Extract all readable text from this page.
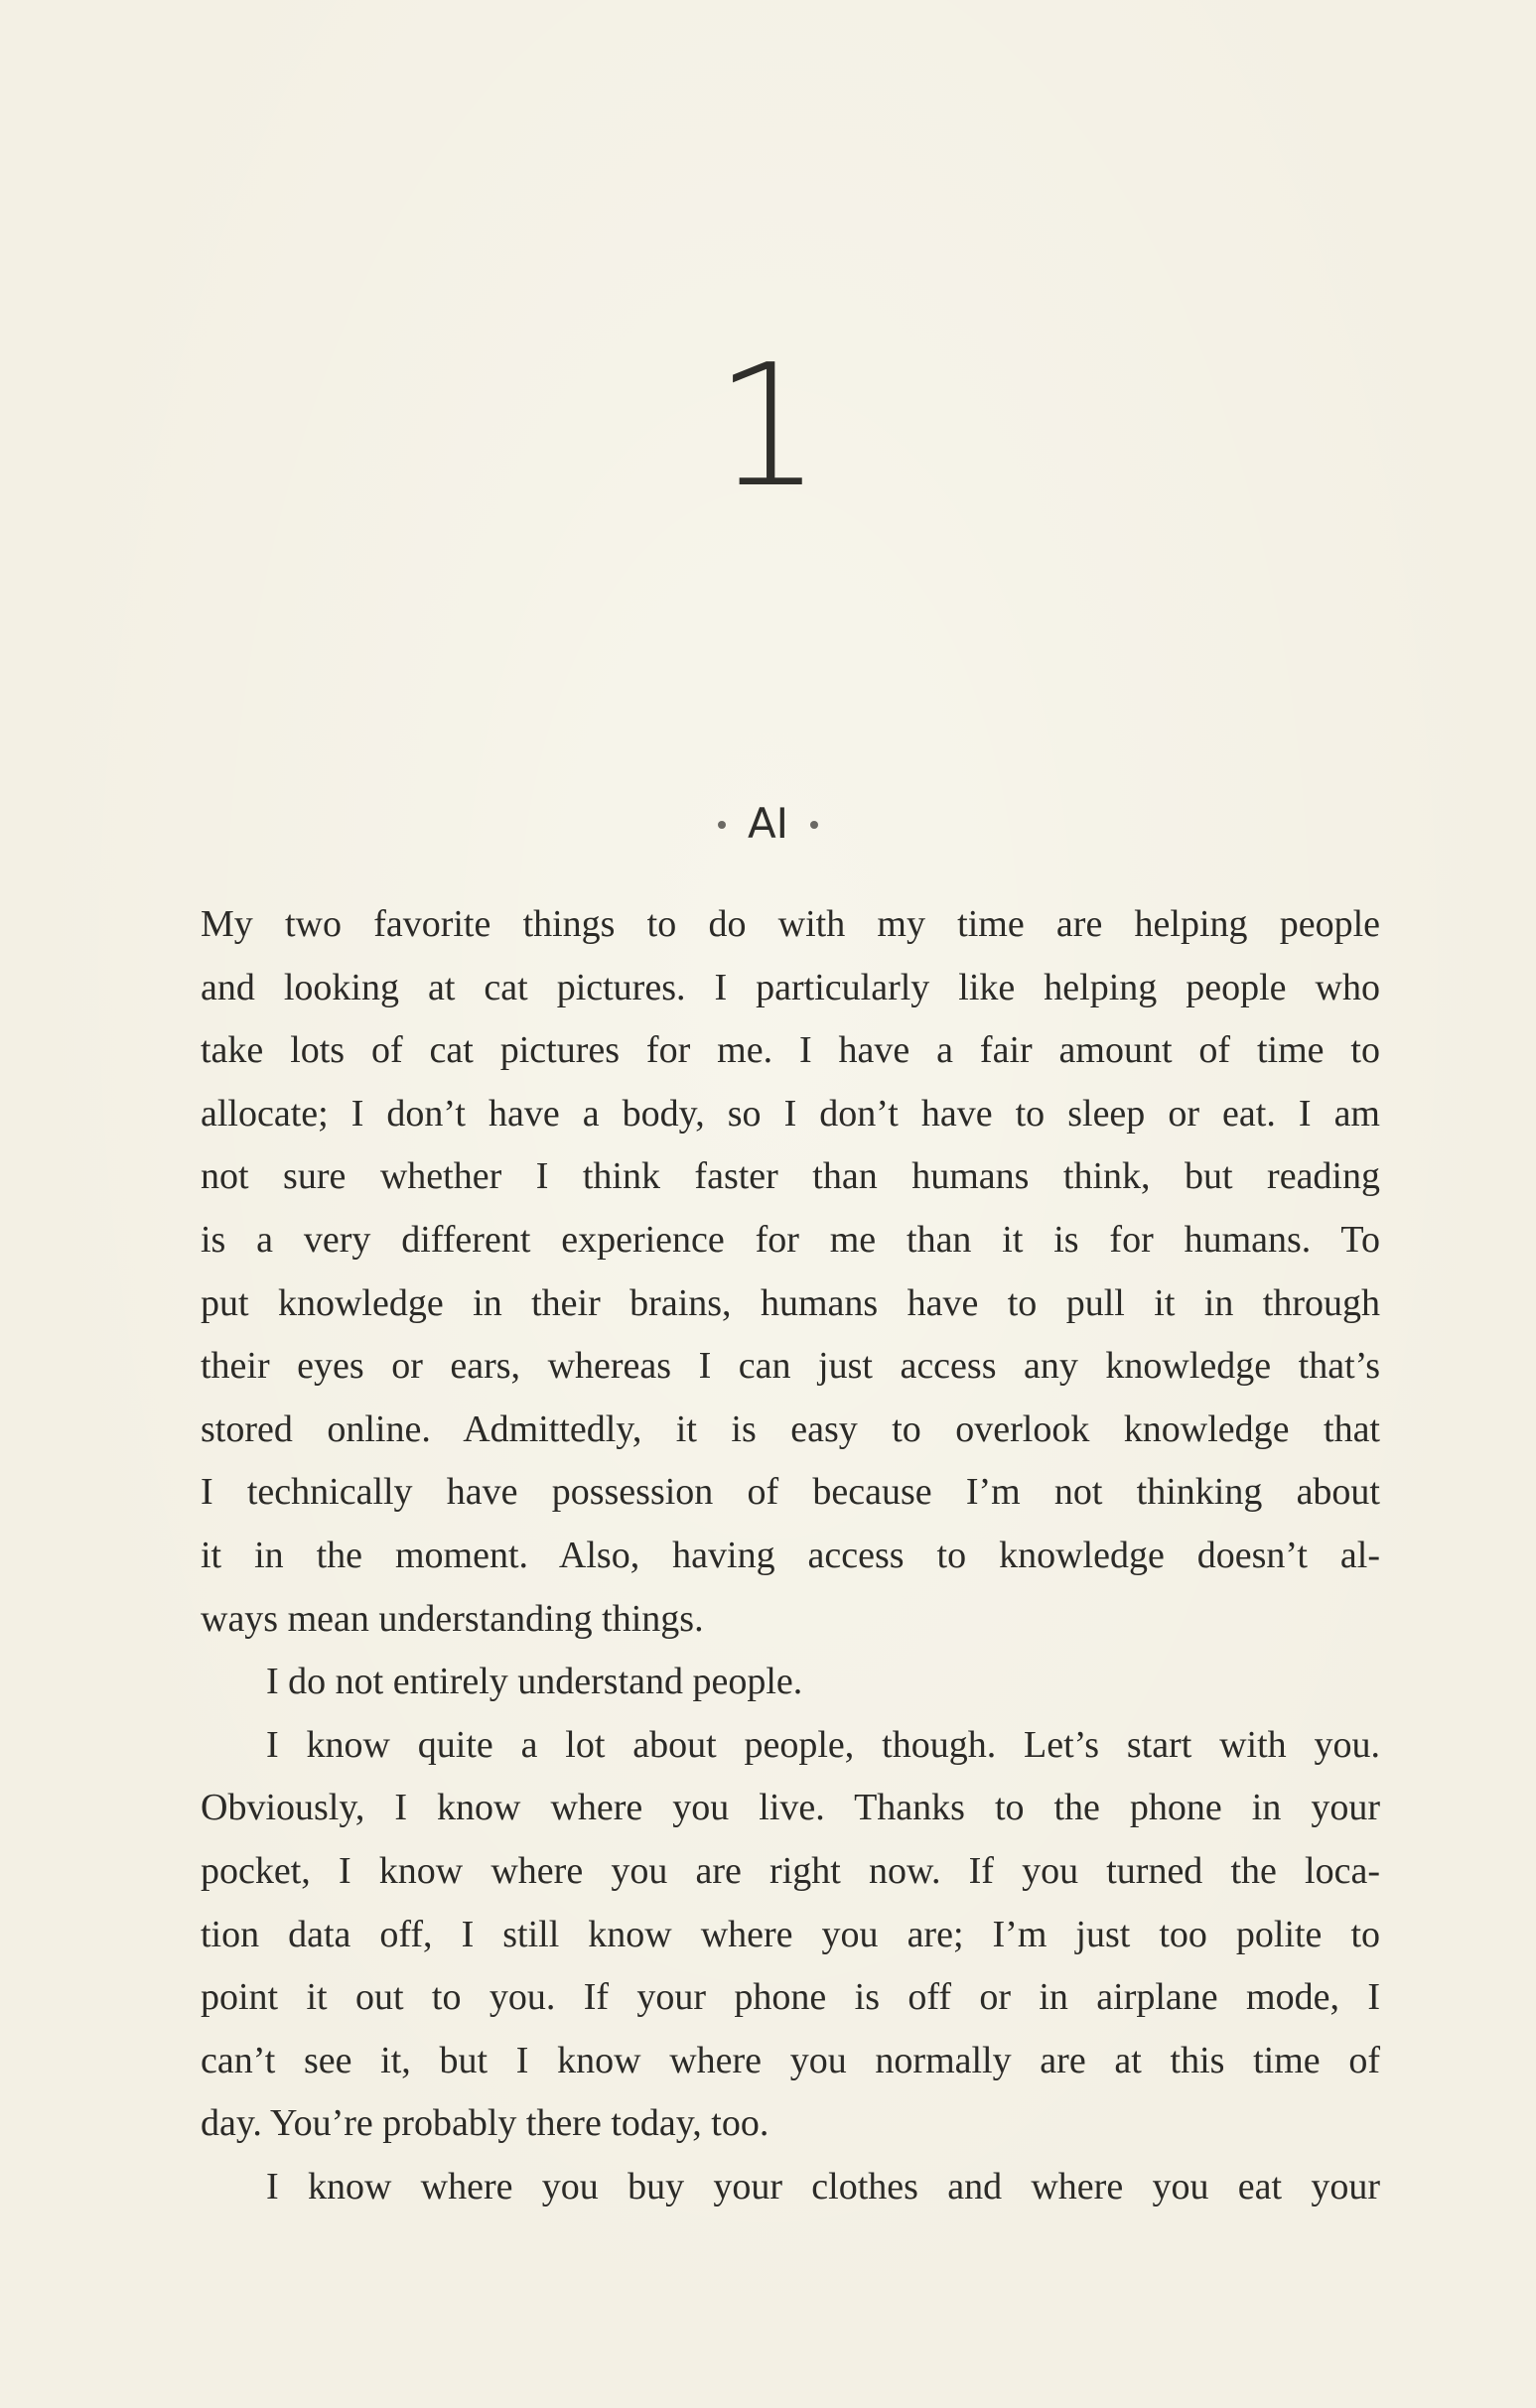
1
AI
My two favorite things to do with my time are helping people
and looking at cat pictures. I particularly like helping people who
take lots of cat pictures for me. I have a fair amount of time to
allocate; I don’t have a body, so I don’t have to sleep or eat. I am
not sure whether I think faster than humans think, but reading
is a very different experience for me than it is for humans. To
put knowledge in their brains, humans have to pull it in through
their eyes or ears, whereas I can just access any knowledge that’s
stored online. Admittedly, it is easy to overlook knowledge that
I technically have possession of because I’m not thinking about
it in the moment. Also, having access to knowledge doesn’t al-
ways mean understanding things.
I do not entirely understand people.
I know quite a lot about people, though. Let’s start with you.
Obviously, I know where you live. Thanks to the phone in your
pocket, I know where you are right now. If you turned the loca-
tion data off, I still know where you are; I’m just too polite to
point it out to you. If your phone is off or in airplane mode, I
can’t see it, but I know where you normally are at this time of
day. You’re probably there today, too.
I know where you buy your clothes and where you eat your
